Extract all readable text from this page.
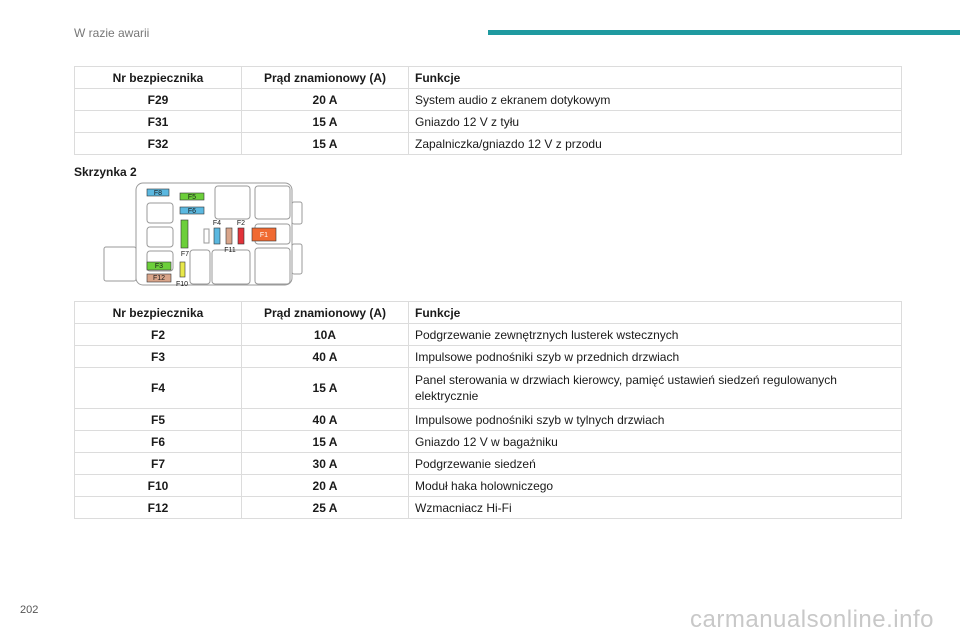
W razie awarii
Nr bezpiecznika	Prąd znamionowy (A)	Funkcje
F29	20 A	System audio z ekranem dotykowym
F31	15 A	Gniazdo 12 V z tyłu
F32	15 A	Zapalniczka/gniazdo 12 V z przodu
Skrzynka 2
F8
F5
F6
F7
F4
F11
F2
F1
F3
F12
F10
Nr bezpiecznika	Prąd znamionowy (A)	Funkcje
F2	10A	Podgrzewanie zewnętrznych lusterek wstecznych
F3	40 A	Impulsowe podnośniki szyb w przednich drzwiach
F4	15 A	Panel sterowania w drzwiach kierowcy, pamięć ustawień siedzeń regulowanych elektrycznie
F5	40 A	Impulsowe podnośniki szyb w tylnych drzwiach
F6	15 A	Gniazdo 12 V w bagażniku
F7	30 A	Podgrzewanie siedzeń
F10	20 A	Moduł haka holowniczego
F12	25 A	Wzmacniacz Hi-Fi
202	carmanualsonline.info
